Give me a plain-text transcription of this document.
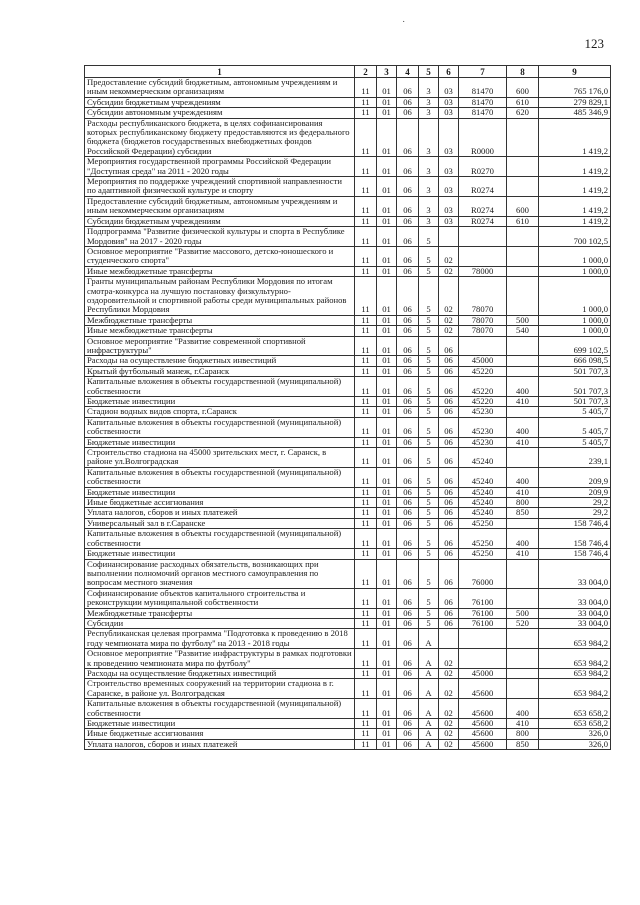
123
˙
1	2	3	4	5	6	7	8	9
Предоставление субсидий бюджетным, автономным учреждениям и иным некоммерческим организациям	11	01	06	3	03	81470	600	765 176,0
Субсидии бюджетным учреждениям	11	01	06	3	03	81470	610	279 829,1
Субсидии автономным учреждениям	11	01	06	3	03	81470	620	485 346,9
Расходы республиканского бюджета, в целях софинансирования которых республиканскому бюджету предоставляются из федерального бюджета (бюджетов государственных внебюджетных фондов Российской Федерации) субсидии	11	01	06	3	03	R0000		1 419,2
Мероприятия государственной программы Российской Федерации "Доступная среда" на 2011 - 2020 годы	11	01	06	3	03	R0270		1 419,2
Мероприятия по поддержке учреждений спортивной направленности по адаптивной физической культуре и спорту	11	01	06	3	03	R0274		1 419,2
Предоставление субсидий бюджетным, автономным учреждениям и иным некоммерческим организациям	11	01	06	3	03	R0274	600	1 419,2
Субсидии бюджетным учреждениям	11	01	06	3	03	R0274	610	1 419,2
Подпрограмма "Развитие физической культуры и спорта в Республике Мордовия" на 2017 - 2020 годы	11	01	06	5				700 102,5
Основное мероприятие "Развитие массового, детско-юношеского и студенческого спорта"	11	01	06	5	02			1 000,0
Иные межбюджетные трансферты	11	01	06	5	02	78000		1 000,0
Гранты муниципальным районам Республики Мордовия по итогам смотра-конкурса на лучшую постановку физкультурно-оздоровительной и спортивной работы среди муниципальных районов Республики Мордовия	11	01	06	5	02	78070		1 000,0
Межбюджетные трансферты	11	01	06	5	02	78070	500	1 000,0
Иные межбюджетные трансферты	11	01	06	5	02	78070	540	1 000,0
Основное мероприятие "Развитие современной спортивной инфраструктуры"	11	01	06	5	06			699 102,5
Расходы на осуществление бюджетных инвестиций	11	01	06	5	06	45000		666 098,5
Крытый футбольный манеж, г.Саранск	11	01	06	5	06	45220		501 707,3
Капитальные вложения в объекты государственной (муниципальной) собственности	11	01	06	5	06	45220	400	501 707,3
Бюджетные инвестиции	11	01	06	5	06	45220	410	501 707,3
Стадион водных видов спорта, г.Саранск	11	01	06	5	06	45230		5 405,7
Капитальные вложения в объекты государственной (муниципальной) собственности	11	01	06	5	06	45230	400	5 405,7
Бюджетные инвестиции	11	01	06	5	06	45230	410	5 405,7
Строительство стадиона на 45000 зрительских мест, г. Саранск, в районе ул.Волгоградская	11	01	06	5	06	45240		239,1
Капитальные вложения в объекты государственной (муниципальной) собственности	11	01	06	5	06	45240	400	209,9
Бюджетные инвестиции	11	01	06	5	06	45240	410	209,9
Иные бюджетные ассигнования	11	01	06	5	06	45240	800	29,2
Уплата налогов, сборов и иных платежей	11	01	06	5	06	45240	850	29,2
Универсальный зал в г.Саранске	11	01	06	5	06	45250		158 746,4
Капитальные вложения в объекты государственной (муниципальной) собственности	11	01	06	5	06	45250	400	158 746,4
Бюджетные инвестиции	11	01	06	5	06	45250	410	158 746,4
Софинансирование расходных обязательств, возникающих при выполнении полномочий органов местного самоуправления по вопросам местного значения	11	01	06	5	06	76000		33 004,0
Софинансирование объектов капитального строительства и реконструкции муниципальной собственности	11	01	06	5	06	76100		33 004,0
Межбюджетные трансферты	11	01	06	5	06	76100	500	33 004,0
Субсидии	11	01	06	5	06	76100	520	33 004,0
Республиканская целевая программа "Подготовка к проведению в 2018 году чемпионата мира по футболу" на 2013 - 2018 годы	11	01	06	А				653 984,2
Основное мероприятие "Развитие инфраструктуры в рамках подготовки к проведению чемпионата мира по футболу"	11	01	06	А	02			653 984,2
Расходы на осуществление бюджетных инвестиций	11	01	06	А	02	45000		653 984,2
Строительство временных сооружений на территории стадиона в г. Саранске, в районе ул. Волгоградская	11	01	06	А	02	45600		653 984,2
Капитальные вложения в объекты государственной (муниципальной) собственности	11	01	06	А	02	45600	400	653 658,2
Бюджетные инвестиции	11	01	06	А	02	45600	410	653 658,2
Иные бюджетные ассигнования	11	01	06	А	02	45600	800	326,0
Уплата налогов, сборов и иных платежей	11	01	06	А	02	45600	850	326,0
